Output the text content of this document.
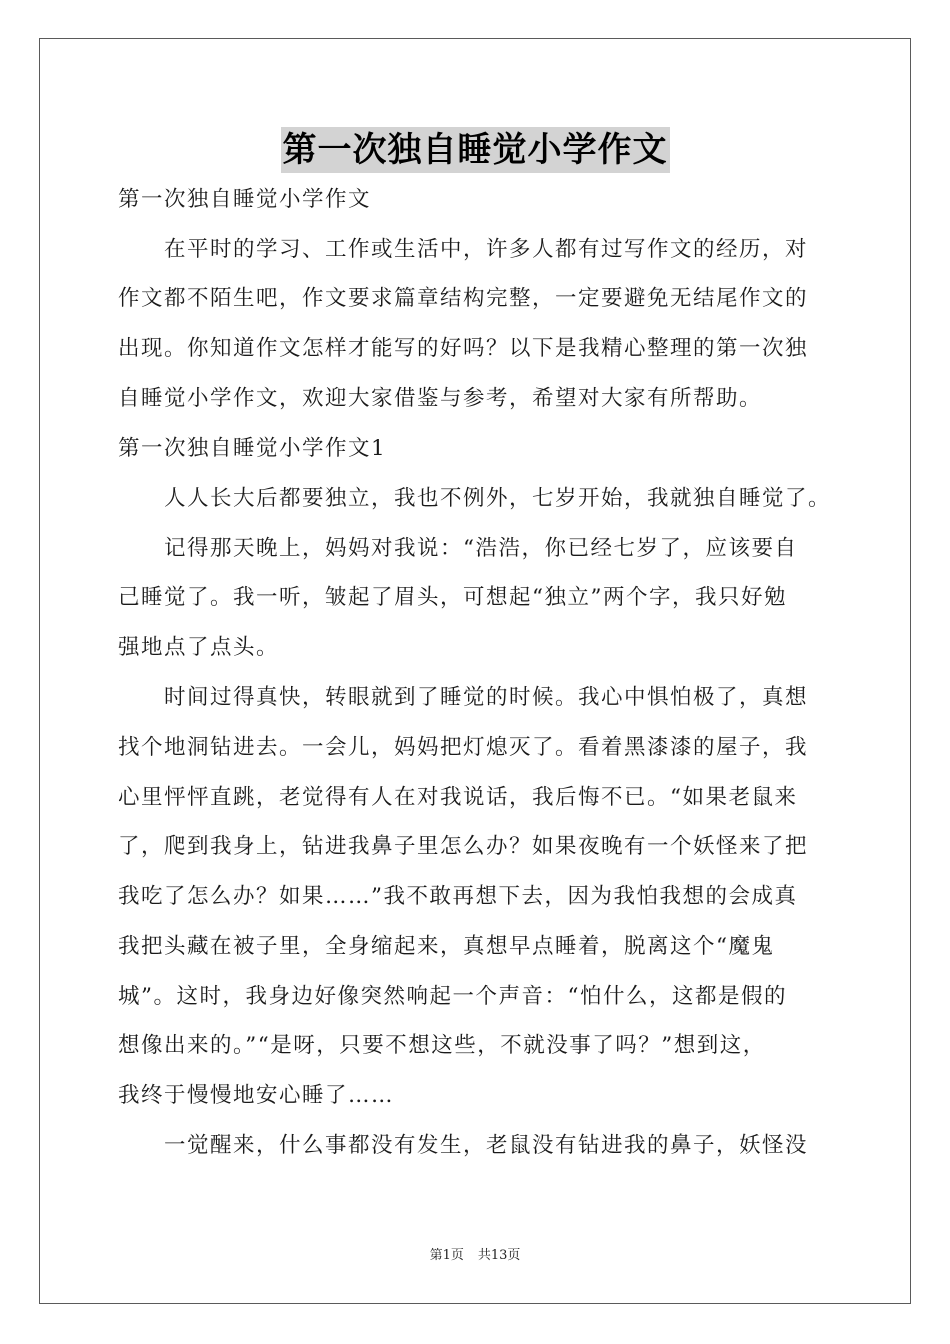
第一次独自睡觉小学作文
第一次独自睡觉小学作文
在平时的学习、工作或生活中，许多人都有过写作文的经历，对
作文都不陌生吧，作文要求篇章结构完整，一定要避免无结尾作文的
出现。你知道作文怎样才能写的好吗？以下是我精心整理的第一次独
自睡觉小学作文，欢迎大家借鉴与参考，希望对大家有所帮助。
第一次独自睡觉小学作文1
人人长大后都要独立，我也不例外，七岁开始，我就独自睡觉了。
记得那天晚上，妈妈对我说：“浩浩，你已经七岁了，应该要自
己睡觉了。我一听，皱起了眉头，可想起“独立”两个字，我只好勉
强地点了点头。
时间过得真快，转眼就到了睡觉的时候。我心中惧怕极了，真想
找个地洞钻进去。一会儿，妈妈把灯熄灭了。看着黑漆漆的屋子，我
心里怦怦直跳，老觉得有人在对我说话，我后悔不已。“如果老鼠来
了，爬到我身上，钻进我鼻子里怎么办？如果夜晚有一个妖怪来了把
我吃了怎么办？如果……”我不敢再想下去，因为我怕我想的会成真
我把头藏在被子里，全身缩起来，真想早点睡着，脱离这个“魔鬼
城”。这时，我身边好像突然响起一个声音：“怕什么，这都是假的
想像出来的。”“是呀，只要不想这些，不就没事了吗？”想到这，
我终于慢慢地安心睡了……
一觉醒来，什么事都没有发生，老鼠没有钻进我的鼻子，妖怪没
第1页 共13页
